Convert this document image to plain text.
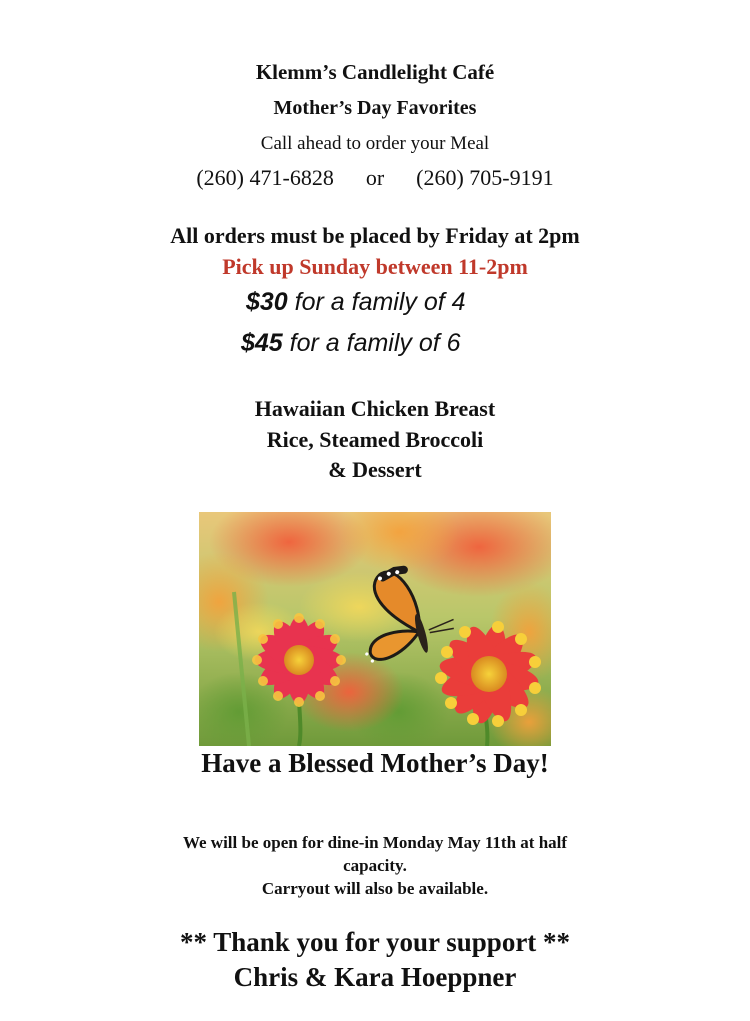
Klemm’s Candlelight Café
Mother’s Day Favorites
Call ahead to order your Meal
(260) 471-6828 or (260) 705-9191
All orders must be placed by Friday at 2pm
Pick up Sunday between 11-2pm
$30 for a family of 4
$45 for a family of 6
Hawaiian Chicken Breast
Rice, Steamed Broccoli
& Dessert
Have a Blessed Mother’s Day!
We will be open for dine-in Monday May 11th at half
capacity.
Carryout will also be available.
** Thank you for your support **
Chris & Kara Hoeppner
